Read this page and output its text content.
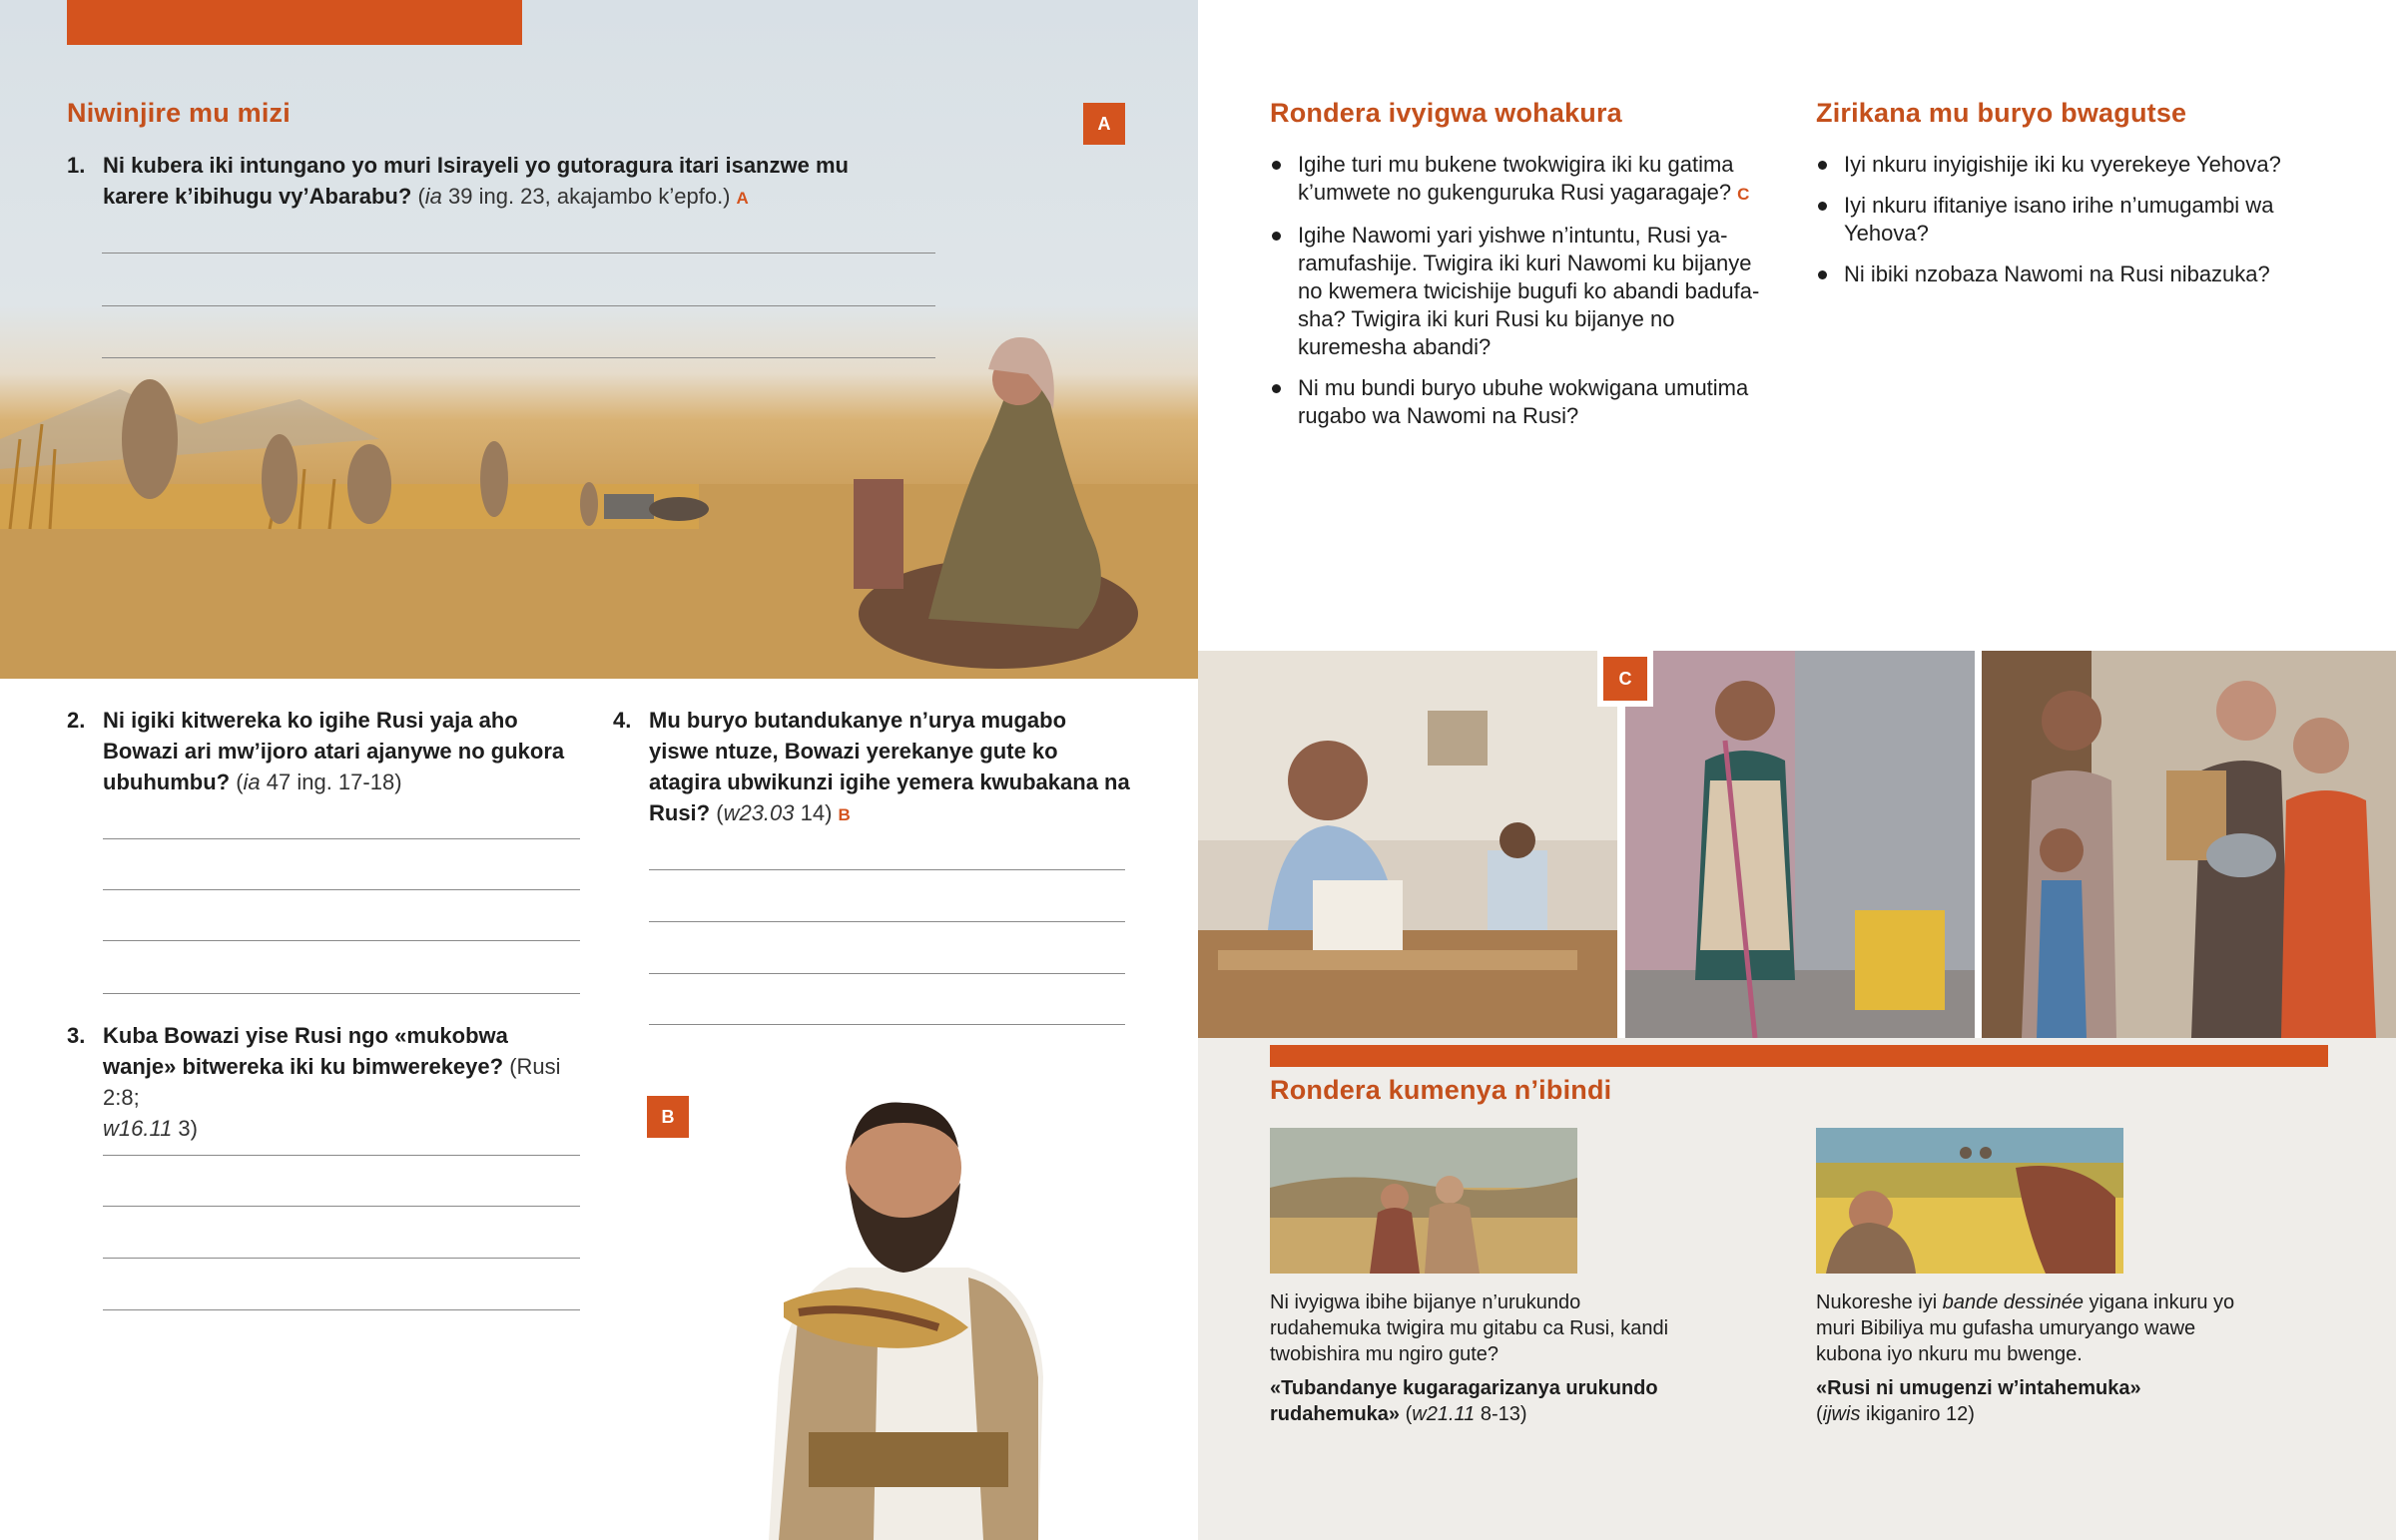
Niwinjire mu mizi	A
1. Ni kubera iki intungano yo muri Isirayeli yo gutoragura itari isanzwe mu karere k’ibihugu vy’Abarabu? (ia 39 ing. 23, akajambo k’epfo.) A
2. Ni igiki kitwereka ko igihe Rusi yaja aho Bowazi ari mw’ijoro atari ajanywe no gukora ubuhumbu? (ia 47 ing. 17-18)
3. Kuba Bowazi yise Rusi ngo «mukobwa wanje» bitwereka iki ku bimwerekeye? (Rusi 2:8;
w16.11 3)
4. Mu buryo butandukanye n’urya mugabo yiswe ntuze, Bowazi yerekanye gute ko atagira ubwikunzi igihe yemera kwubakana na Rusi? (w23.03 14) B
B
Rondera ivyigwa wohakura
Igihe turi mu bukene twokwigira iki ku gatima k’umwete no gukenguruka Rusi yagaragaje? C
Igihe Nawomi yari yishwe n’intuntu, Rusi yaramufashije. Twigira iki kuri Nawomi ku bijanye no kwemera twicishije bugufi ko abandi badufasha? Twigira iki kuri Rusi ku bijanye no kuremesha abandi?
Ni mu bundi buryo ubuhe wokwigana umutima rugabo wa Nawomi na Rusi?
Zirikana mu buryo bwagutse
Iyi nkuru inyigishije iki ku vyerekeye Yehova?
Iyi nkuru ifitaniye isano irihe n’umugambi wa Yehova?
Ni ibiki nzobaza Nawomi na Rusi nibazuka?
C
Rondera kumenya n’ibindi
Ni ivyigwa ibihe bijanye n’urukundo rudahemuka twigira mu gitabu ca Rusi, kandi twobishira mu ngiro gute?
«Tubandanye kugaragarizanya urukundo rudahemuka» (w21.11 8-13)
Nukoreshe iyi bande dessinée yigana inkuru yo muri Bibiliya mu gufasha umuryango wawe kubona iyo nkuru mu bwenge.
«Rusi ni umugenzi w’intahemuka»
(ijwis ikiganiro 12)
